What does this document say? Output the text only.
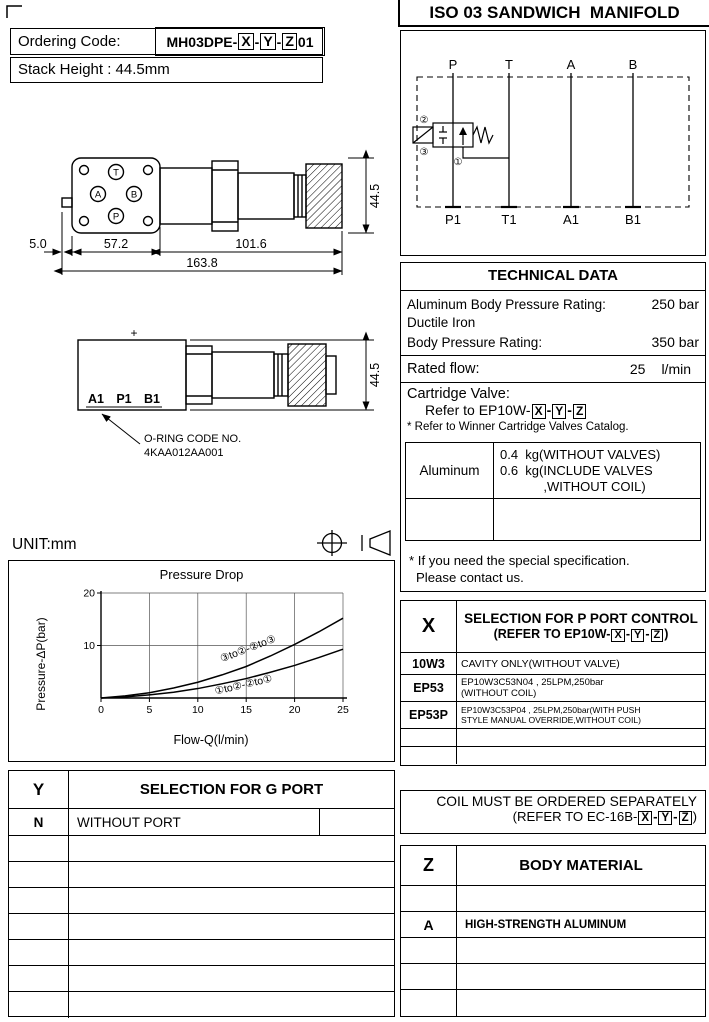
Ordering Code:	MH03DPE- X - Y - Z 01
Stack Height : 44.5mm
T
A	B
P
5.0	57.2	101.6
163.8
44.5
+
A1 P1 B1
44.5
O-RING CODE NO.
4KAA012AA001
UNIT:mm
Pressure Drop
Pressure-ΔP(bar)	0	5	10	15	20	25
10
20
③to②-②to③
①to②-②to①
Flow-Q(l/min)
Y	SELECTION FOR G PORT
N	WITHOUT PORT
ISO 03 SANDWICH  MANIFOLD
P	T	A	B
P1	T1	A1	B1
②
③
①
TECHNICAL DATA
Aluminum Body Pressure Rating:	250 bar
Ductile Iron
Body Pressure Rating:	350 bar
Rated flow:	25 l/min
Cartridge Valve:
Refer to EP10W- X - Y - Z
* Refer to Winner Cartridge Valves Catalog.
Aluminum
0.4  kg(WITHOUT VALVES)
0.6  kg(INCLUDE VALVES
,WITHOUT COIL)
* If you need the special specification.
Please contact us.
X	SELECTION FOR P PORT CONTROL
(REFER TO EP10W- X - Y - Z )
10W3	CAVITY ONLY(WITHOUT VALVE)
EP53	EP10W3C53N04 , 25LPM,250bar
(WITHOUT COIL)
EP53P	EP10W3C53P04 , 25LPM,250bar(WITH PUSH
STYLE MANUAL OVERRIDE,WITHOUT COIL)
COIL MUST BE ORDERED SEPARATELY
(REFER TO EC-16B- X - Y - Z )
Z	BODY MATERIAL
A	HIGH-STRENGTH ALUMINUM
